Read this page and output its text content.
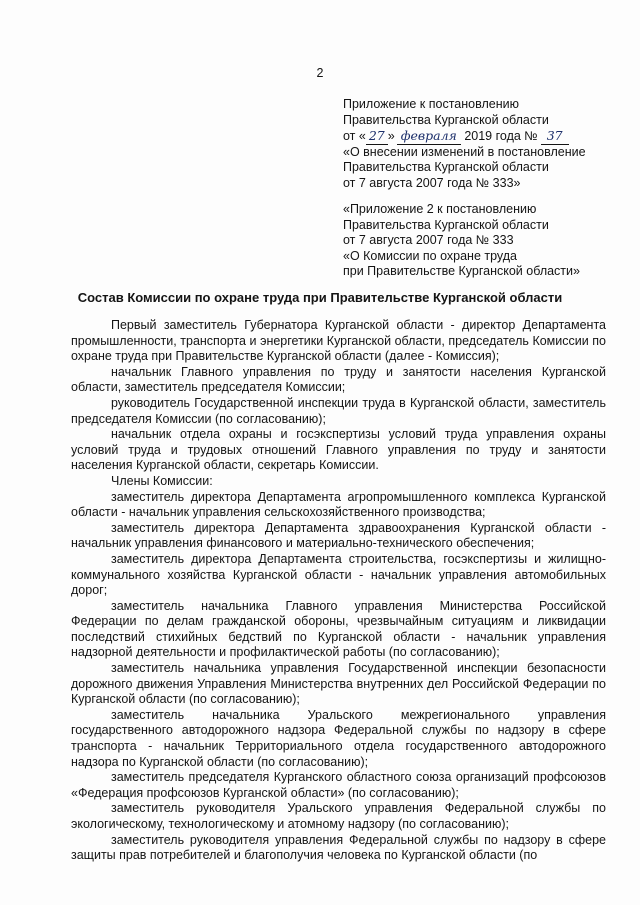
2
Приложение к постановлению
Правительства Курганской области
от « 27 » февраля 2019 года № 37
«О внесении изменений в постановление
Правительства Курганской области
от 7 августа 2007 года № 333»
«Приложение 2 к постановлению
Правительства Курганской области
от 7 августа 2007 года № 333
«О Комиссии по охране труда
при Правительстве Курганской области»
Состав Комиссии по охране труда при Правительстве Курганской области

Первый заместитель Губернатора Курганской области - директор Департамента промышленности, транспорта и энергетики Курганской области, председатель Комиссии по охране труда при Правительстве Курганской области (далее - Комиссия);

начальник Главного управления по труду и занятости населения Курганской области, заместитель председателя Комиссии;

руководитель Государственной инспекции труда в Курганской области, заместитель председателя Комиссии (по согласованию);

начальник отдела охраны и госэкспертизы условий труда управления охраны условий труда и трудовых отношений Главного управления по труду и занятости населения Курганской области, секретарь Комиссии.

Члены Комиссии:

заместитель директора Департамента агропромышленного комплекса Курганской области - начальник управления сельскохозяйственного производства;

заместитель директора Департамента здравоохранения Курганской области - начальник управления финансового и материально-технического обеспечения;

заместитель директора Департамента строительства, госэкспертизы и жилищно-коммунального хозяйства Курганской области - начальник управления автомобильных дорог;

заместитель начальника Главного управления Министерства Российской Федерации по делам гражданской обороны, чрезвычайным ситуациям и ликвидации последствий стихийных бедствий по Курганской области - начальник управления надзорной деятельности и профилактической работы (по согласованию);

заместитель начальника управления Государственной инспекции безопасности дорожного движения Управления Министерства внутренних дел Российской Федерации по Курганской области (по согласованию);

заместитель начальника Уральского межрегионального управления государственного автодорожного надзора Федеральной службы по надзору в сфере транспорта - начальник Территориального отдела государственного автодорожного надзора по Курганской области (по согласованию);

заместитель председателя Курганского областного союза организаций профсоюзов «Федерация профсоюзов Курганской области» (по согласованию);

заместитель руководителя Уральского управления Федеральной службы по экологическому, технологическому и атомному надзору (по согласованию);

заместитель руководителя управления Федеральной службы по надзору в сфере защиты прав потребителей и благополучия человека по Курганской области (по
